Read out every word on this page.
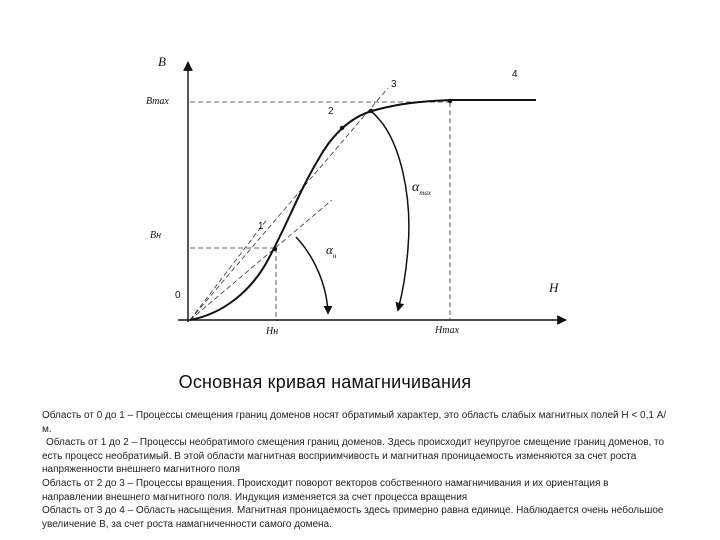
B
H
0
Bmax
Bн
Hн	Hmax
1
2
3
4
$\alpha_{max}$
$\alpha_н$
Основная кривая намагничивания

Область от 0 до 1 – Процессы смещения границ доменов носят обратимый характер, это область слабых магнитных полей H < 0,1 А/м.

Область от 1 до 2 – Процессы необратимого смещения границ доменов. Здесь происходит неупругое смещение границ доменов, то есть процесс необратимый. В этой области магнитная восприимчивость и магнитная проницаемость изменяются за счет роста напряженности внешнего магнитного поля

Область от 2 до 3 – Процессы вращения. Происходит поворот векторов собственного намагничивания и их ориентация в направлении внешнего магнитного поля. Индукция изменяется за счет процесса вращения

Область от 3 до 4 – Область насыщения. Магнитная проницаемость здесь примерно равна единице. Наблюдается очень небольшое увеличение B, за счет роста намагниченности самого домена.
